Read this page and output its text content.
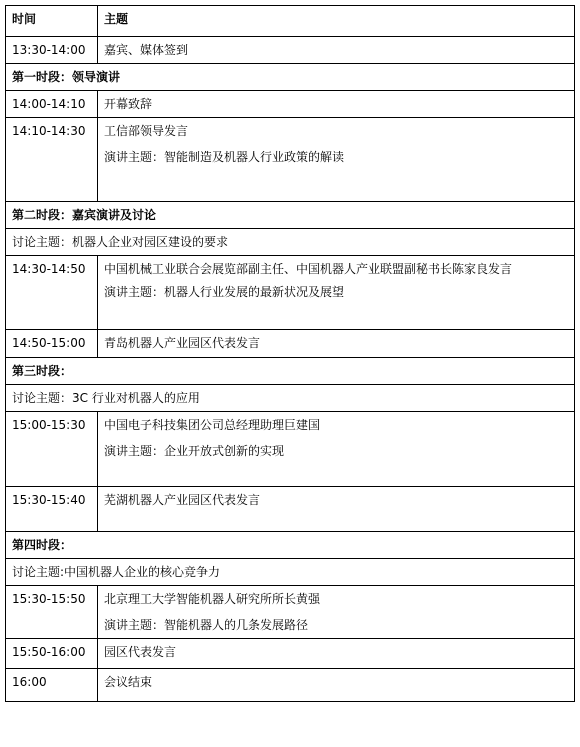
时间	主题

13:30-14:00	嘉宾、媒体签到

第一时段：领导演讲	

14:00-14:10	开幕致辞

14:10-14:30	工信部领导发言
演讲主题：智能制造及机器人行业政策的解读

第二时段：嘉宾演讲及讨论	

讨论主题：机器人企业对园区建设的要求	

14:30-14:50	中国机械工业联合会展览部副主任、中国机器人产业联盟副秘书长陈家良发言
演讲主题：机器人行业发展的最新状况及展望

14:50-15:00	青岛机器人产业园区代表发言

第三时段：	

讨论主题：3C 行业对机器人的应用	

15:00-15:30	中国电子科技集团公司总经理助理巨建国
演讲主题：企业开放式创新的实现

15:30-15:40	芜湖机器人产业园区代表发言

第四时段：	

讨论主题:中国机器人企业的核心竞争力	

15:30-15:50	北京理工大学智能机器人研究所所长黄强
演讲主题：智能机器人的几条发展路径

15:50-16:00	园区代表发言

16:00	会议结束
